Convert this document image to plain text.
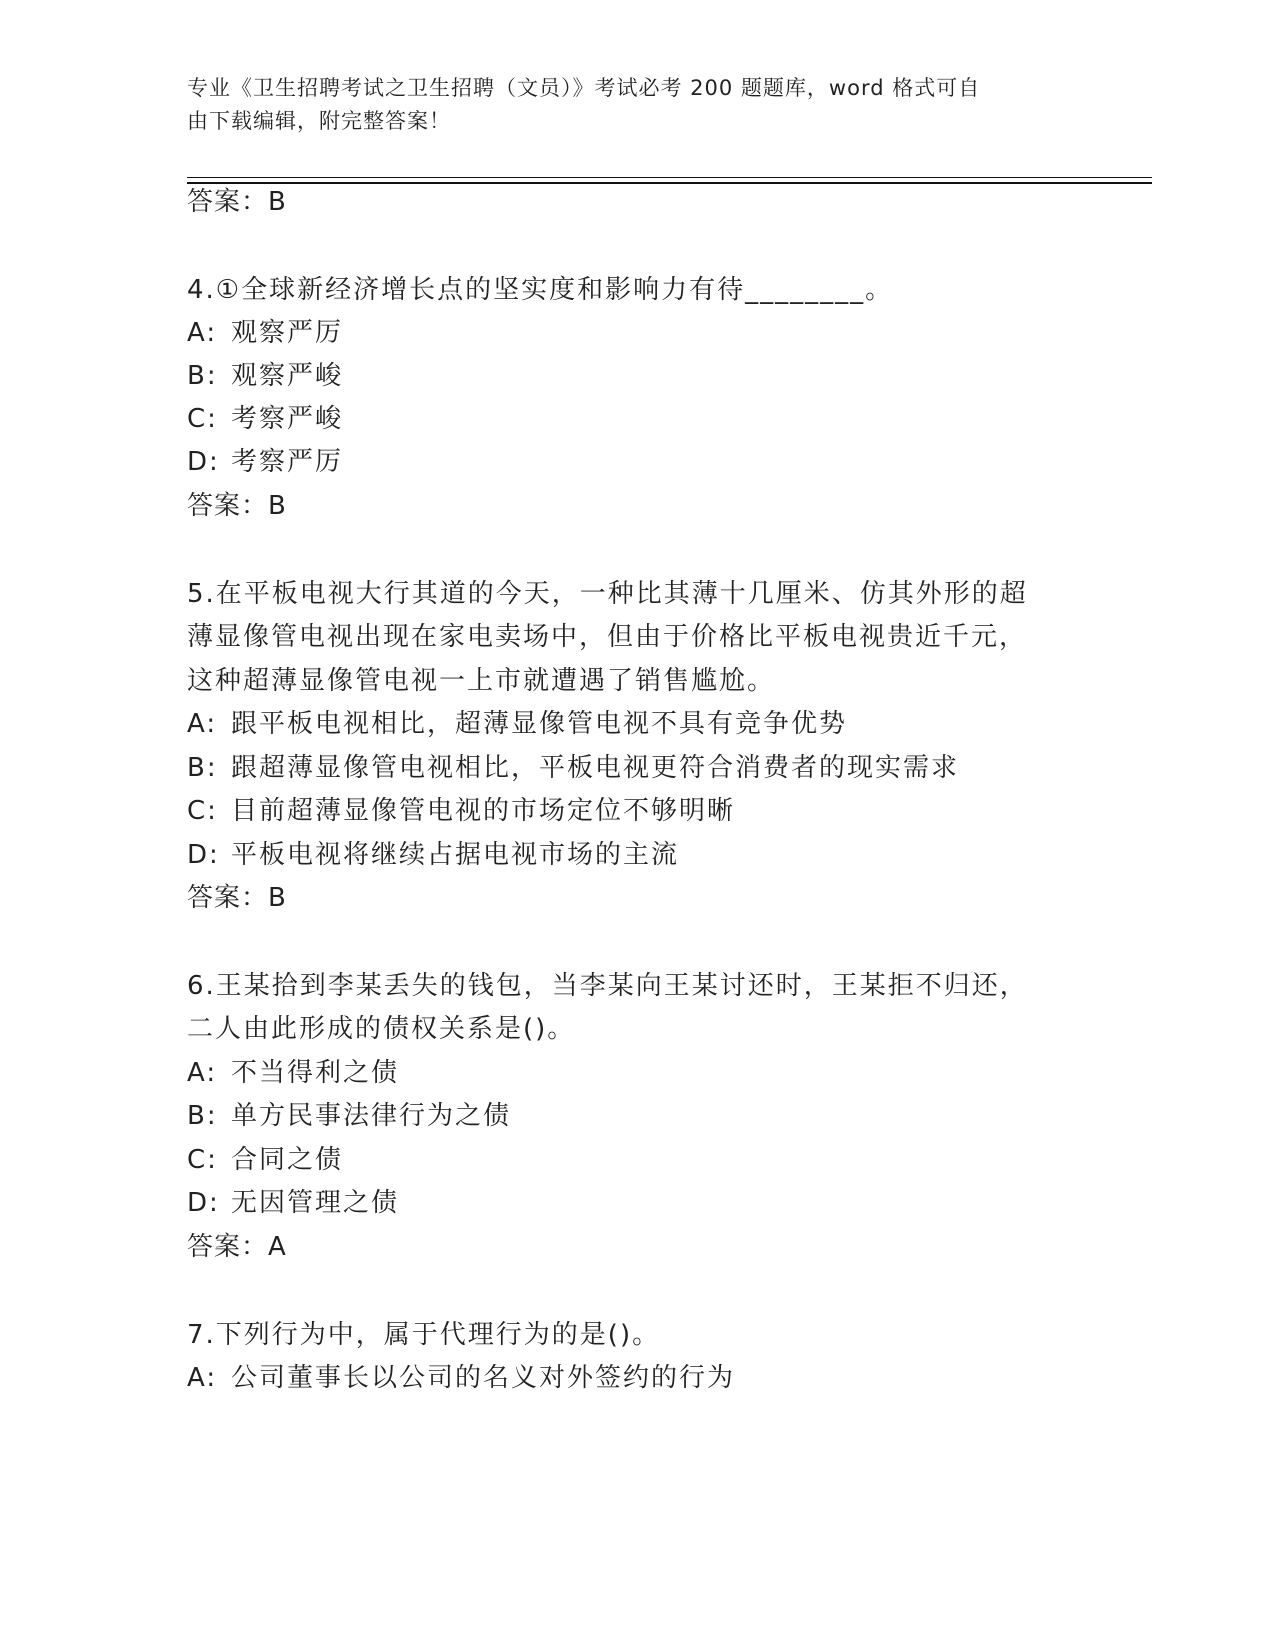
专业《卫生招聘考试之卫生招聘（文员）》考试必考 200 题题库，word 格式可自
由下载编辑，附完整答案！
答案：B
4.①全球新经济增长点的坚实度和影响力有待________。
A: 观察严厉
B: 观察严峻
C: 考察严峻
D: 考察严厉
答案：B
5.在平板电视大行其道的今天，一种比其薄十几厘米、仿其外形的超
薄显像管电视出现在家电卖场中，但由于价格比平板电视贵近千元，
这种超薄显像管电视一上市就遭遇了销售尴尬。
A: 跟平板电视相比，超薄显像管电视不具有竞争优势
B: 跟超薄显像管电视相比，平板电视更符合消费者的现实需求
C: 目前超薄显像管电视的市场定位不够明晰
D: 平板电视将继续占据电视市场的主流
答案：B
6.王某拾到李某丢失的钱包，当李某向王某讨还时，王某拒不归还，
二人由此形成的债权关系是()。
A: 不当得利之债
B: 单方民事法律行为之债
C: 合同之债
D: 无因管理之债
答案：A
7.下列行为中，属于代理行为的是()。
A: 公司董事长以公司的名义对外签约的行为
